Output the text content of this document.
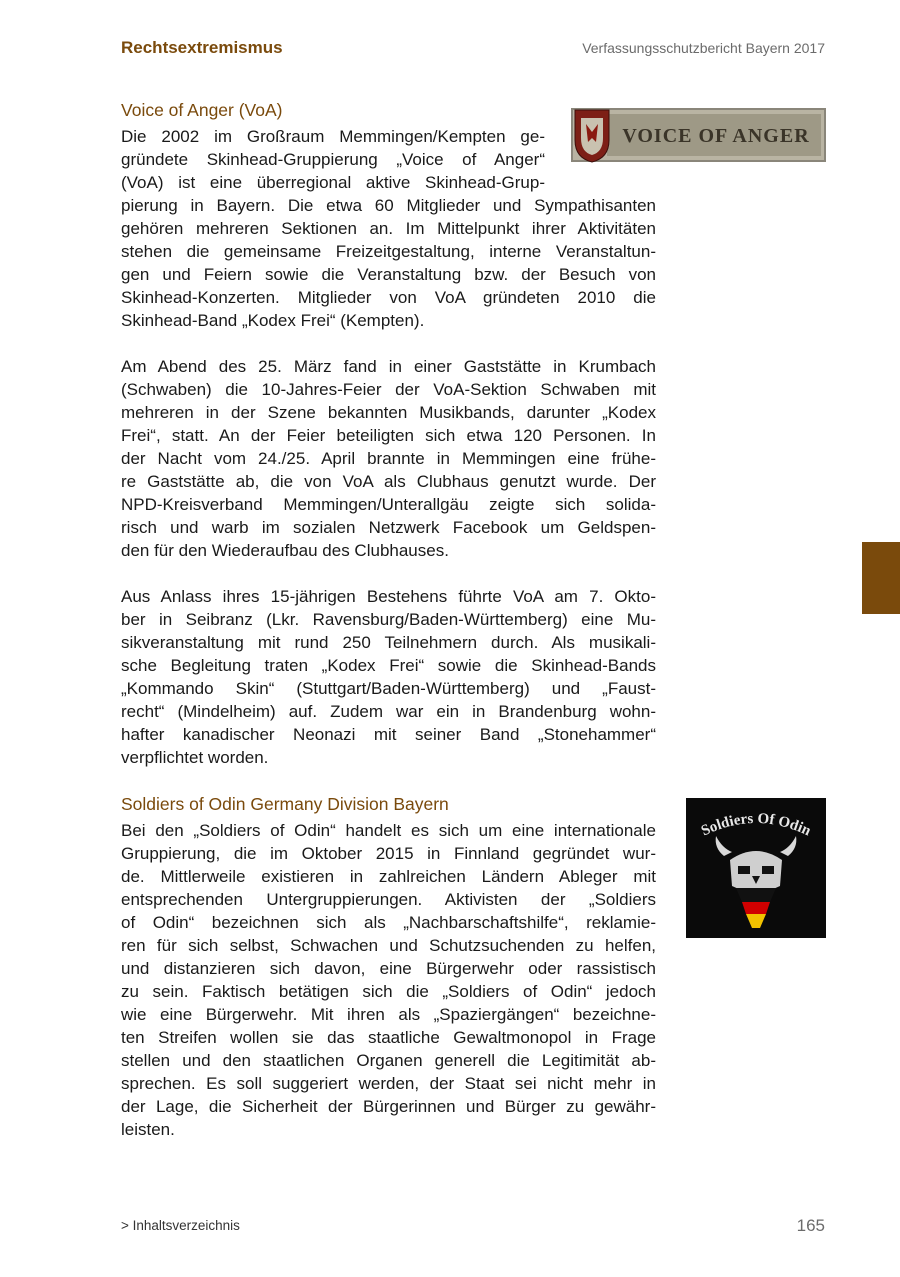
Rechtsextremismus	Verfassungsschutzbericht Bayern 2017
Voice of Anger (VoA)
VOICE OF ANGER
Die 2002 im Großraum Memmingen/Kempten ge-
gründete Skinhead-Gruppierung „Voice of Anger“
(VoA) ist eine überregional aktive Skinhead-Grup-
pierung in Bayern. Die etwa 60 Mitglieder und Sympathisanten
gehören mehreren Sektionen an. Im Mittelpunkt ihrer Aktivitäten
stehen die gemeinsame Freizeitgestaltung, interne Veranstaltun-
gen und Feiern sowie die Veranstaltung bzw. der Besuch von
Skinhead-Konzerten. Mitglieder von VoA gründeten 2010 die
Skinhead-Band „Kodex Frei“ (Kempten).
Am Abend des 25. März fand in einer Gaststätte in Krumbach
(Schwaben) die 10-Jahres-Feier der VoA-Sektion Schwaben mit
mehreren in der Szene bekannten Musikbands, darunter „Kodex
Frei“, statt. An der Feier beteiligten sich etwa 120 Personen. In
der Nacht vom 24./25. April brannte in Memmingen eine frühe-
re Gaststätte ab, die von VoA als Clubhaus genutzt wurde. Der
NPD-Kreisverband Memmingen/Unterallgäu zeigte sich solida-
risch und warb im sozialen Netzwerk Facebook um Geldspen-
den für den Wiederaufbau des Clubhauses.
Aus Anlass ihres 15-jährigen Bestehens führte VoA am 7. Okto-
ber in Seibranz (Lkr. Ravensburg/Baden-Württemberg) eine Mu-
sikveranstaltung mit rund 250 Teilnehmern durch. Als musikali-
sche Begleitung traten „Kodex Frei“ sowie die Skinhead-Bands
„Kommando Skin“ (Stuttgart/Baden-Württemberg) und „Faust-
recht“ (Mindelheim) auf. Zudem war ein in Brandenburg wohn-
hafter kanadischer Neonazi mit seiner Band „Stonehammer“
verpflichtet worden.
Soldiers of Odin Germany Division Bayern
Soldiers Of Odin
Bei den „Soldiers of Odin“ handelt es sich um eine internationale
Gruppierung, die im Oktober 2015 in Finnland gegründet wur-
de. Mittlerweile existieren in zahlreichen Ländern Ableger mit
entsprechenden Untergruppierungen. Aktivisten der „Soldiers
of Odin“ bezeichnen sich als „Nachbarschaftshilfe“, reklamie-
ren für sich selbst, Schwachen und Schutzsuchenden zu helfen,
und distanzieren sich davon, eine Bürgerwehr oder rassistisch
zu sein. Faktisch betätigen sich die „Soldiers of Odin“ jedoch
wie eine Bürgerwehr. Mit ihren als „Spaziergängen“ bezeichne-
ten Streifen wollen sie das staatliche Gewaltmonopol in Frage
stellen und den staatlichen Organen generell die Legitimität ab-
sprechen. Es soll suggeriert werden, der Staat sei nicht mehr in
der Lage, die Sicherheit der Bürgerinnen und Bürger zu gewähr-
leisten.
> Inhaltsverzeichnis	165
